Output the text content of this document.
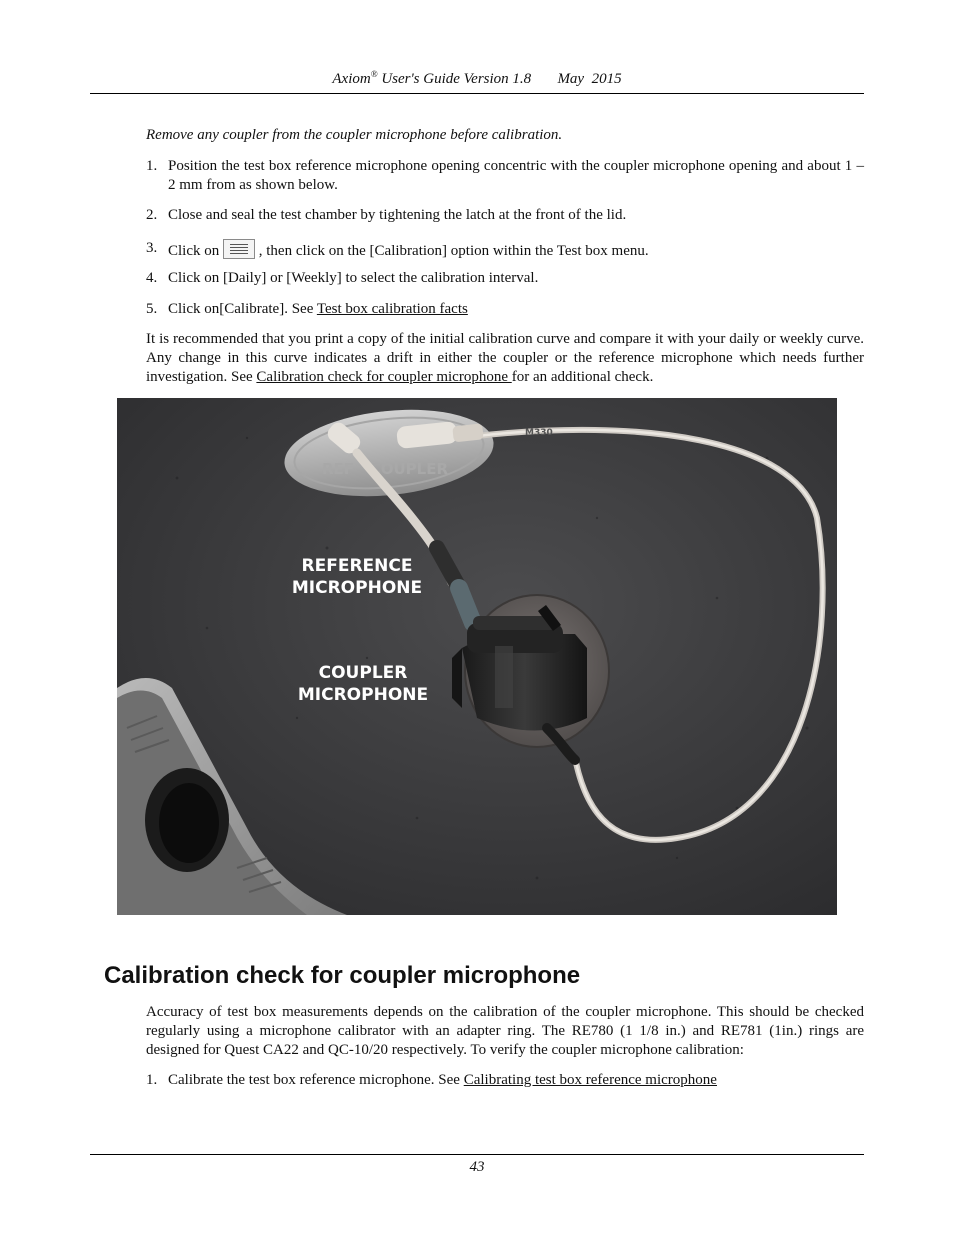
Axiom® User's Guide Version 1.8 May  2015
Remove any coupler from the coupler microphone before calibration.
1. Position the test box reference microphone opening concentric with the coupler microphone opening and about 1 – 2 mm from as shown below.
2. Close and seal the test chamber by tightening the latch at the front of the lid.
3. Click on	, then click on the [Calibration] option within the Test box menu.
4. Click on [Daily] or [Weekly] to select the calibration interval.
5. Click on[Calibrate]. See Test box calibration facts
It is recommended that you print a copy of the initial calibration curve and compare it with your daily or weekly curve. Any change in this curve indicates a drift in either the coupler or the reference microphone which needs further investigation. See Calibration check for coupler microphone for an additional check.
REF   COUPLER
M330
REFERENCE
MICROPHONE
COUPLER
MICROPHONE
Calibration check for coupler microphone
Accuracy of test box measurements depends on the calibration of the coupler microphone. This should be checked regularly using a microphone calibrator with an adapter ring. The RE780 (1 1/8 in.) and RE781 (1in.) rings are designed for Quest CA22 and QC-10/20 respectively. To verify the coupler microphone calibration:
1. Calibrate the test box reference microphone. See Calibrating test box reference microphone
43
